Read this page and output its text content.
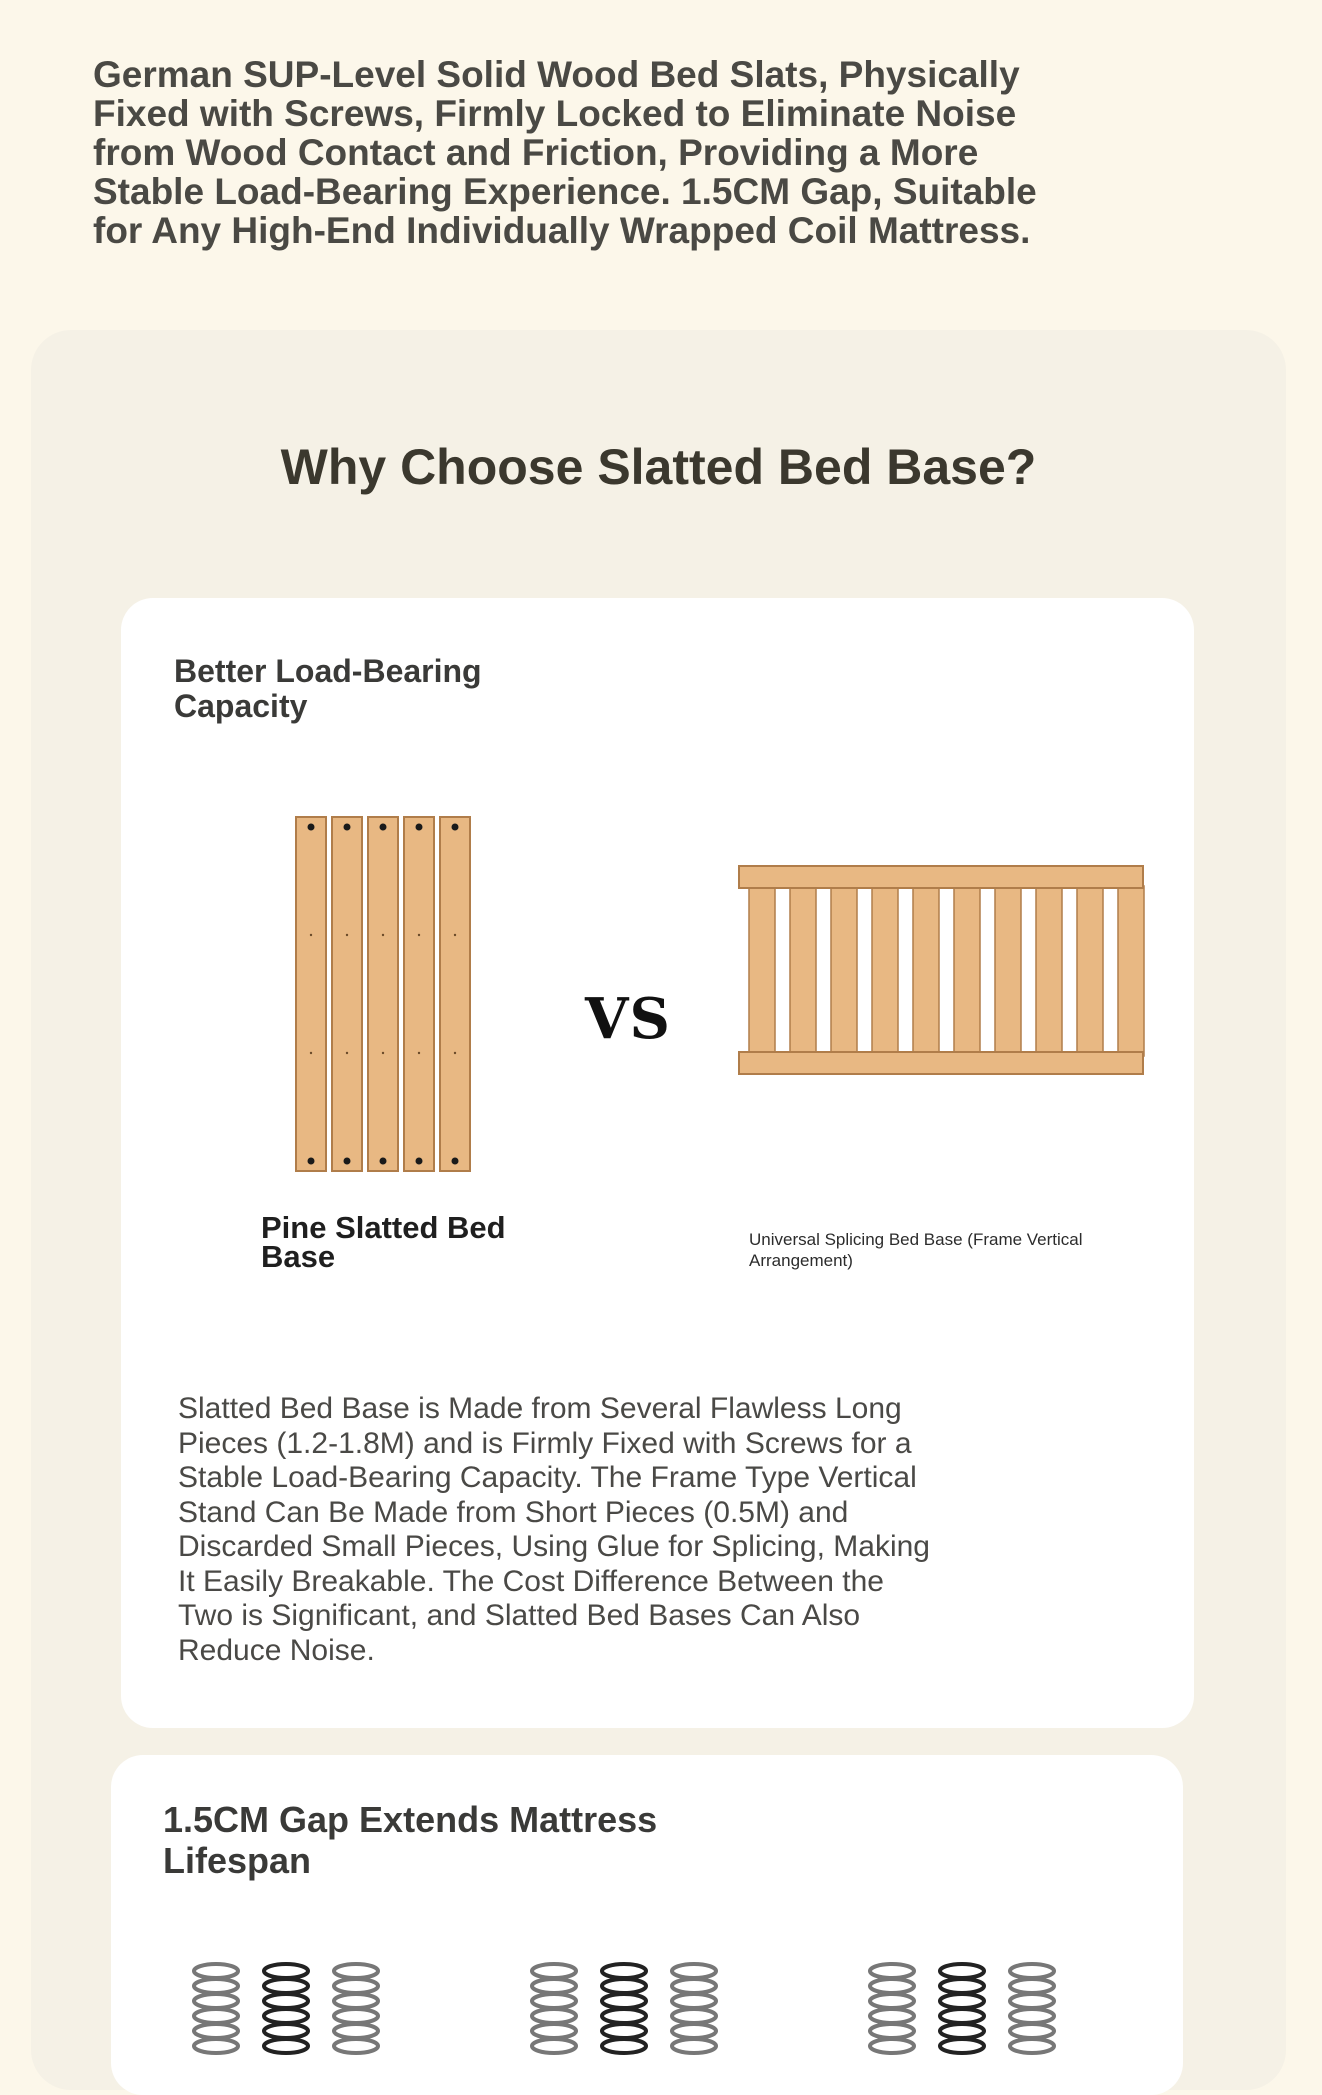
German SUP-Level Solid Wood Bed Slats, Physically Fixed with Screws, Firmly Locked to Eliminate Noise from Wood Contact and Friction, Providing a More Stable Load-Bearing Experience. 1.5CM Gap, Suitable for Any High-End Individually Wrapped Coil Mattress.

Why Choose Slatted Bed Base?
Better Load-Bearing Capacity
VS
Pine Slatted Bed Base	Universal Splicing Bed Base (Frame Vertical Arrangement)

Slatted Bed Base is Made from Several Flawless Long Pieces (1.2-1.8M) and is Firmly Fixed with Screws for a Stable Load-Bearing Capacity. The Frame Type Vertical Stand Can Be Made from Short Pieces (0.5M) and Discarded Small Pieces, Using Glue for Splicing, Making It Easily Breakable. The Cost Difference Between the Two is Significant, and Slatted Bed Bases Can Also Reduce Noise.

1.5CM Gap Extends Mattress Lifespan
